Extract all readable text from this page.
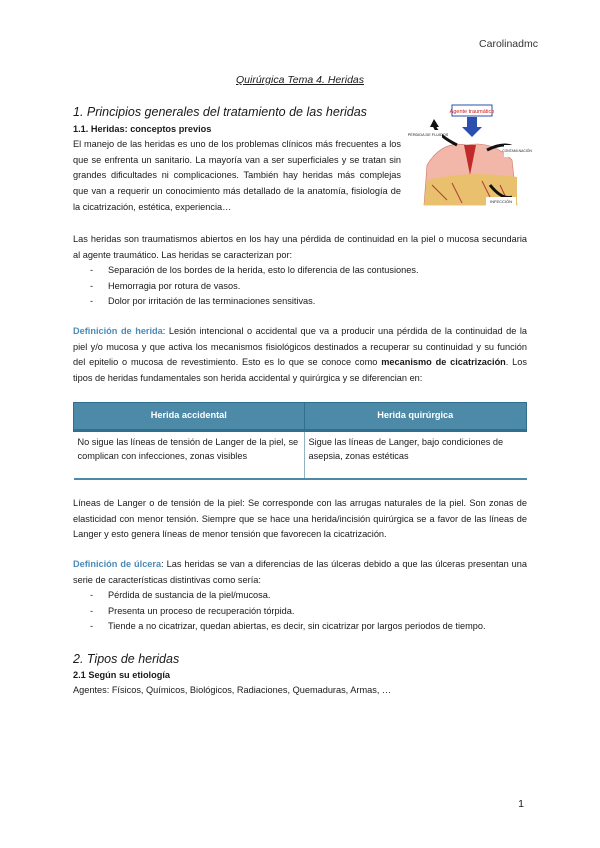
Carolinadmc
Quirúrgica Tema 4. Heridas
1. Principios generales del tratamiento de las heridas
1.1. Heridas: conceptos previos

El manejo de las heridas es uno de los problemas clínicos más frecuentes a los que se enfrenta un sanitario. La mayoría van a ser superficiales y se tratan sin grandes dificultades ni complicaciones. También hay heridas más complejas que van a requerir un conocimiento más detallado de la anatomía, fisiología de la cicatrización, estética, experiencia…

Agente traumático
PÉRDIDA DE FLUIDOS
CONTAMI-NACIÓN
INFECCIÓN

Las heridas son traumatismos abiertos en los hay una pérdida de continuidad en la piel o mucosa secundaria al agente traumático. Las heridas se caracterizan por:

- Separación de los bordes de la herida, esto lo diferencia de las contusiones.
- Hemorragia por rotura de vasos.
- Dolor por irritación de las terminaciones sensitivas.

Definición de herida: Lesión intencional o accidental que va a producir una pérdida de la continuidad de la piel y/o mucosa y que activa los mecanismos fisiológicos destinados a recuperar su continuidad y su función del epitelio o mucosa de revestimiento. Esto es lo que se conoce como mecanismo de cicatrización. Los tipos de heridas fundamentales son herida accidental y quirúrgica y se diferencian en:

Herida accidental	Herida quirúrgica
No sigue las líneas de tensión de Langer de la piel, se complican con infecciones, zonas visibles	Sigue las líneas de Langer, bajo condiciones de asepsia, zonas estéticas

Líneas de Langer o de tensión de la piel: Se corresponde con las arrugas naturales de la piel. Son zonas de elasticidad con menor tensión. Siempre que se hace una herida/incisión quirúrgica se a favor de las líneas de Langer y esto genera líneas de menor tensión que favorecen la cicatrización.

Definición de úlcera: Las heridas se van a diferencias de las úlceras debido a que las úlceras presentan una serie de características distintivas como sería:

- Pérdida de sustancia de la piel/mucosa.
- Presenta un proceso de recuperación tórpida.
- Tiende a no cicatrizar, quedan abiertas, es decir, sin cicatrizar por largos periodos de tiempo.
2. Tipos de heridas
2.1 Según su etiología

Agentes: Físicos, Químicos, Biológicos, Radiaciones, Quemaduras, Armas, …

1
